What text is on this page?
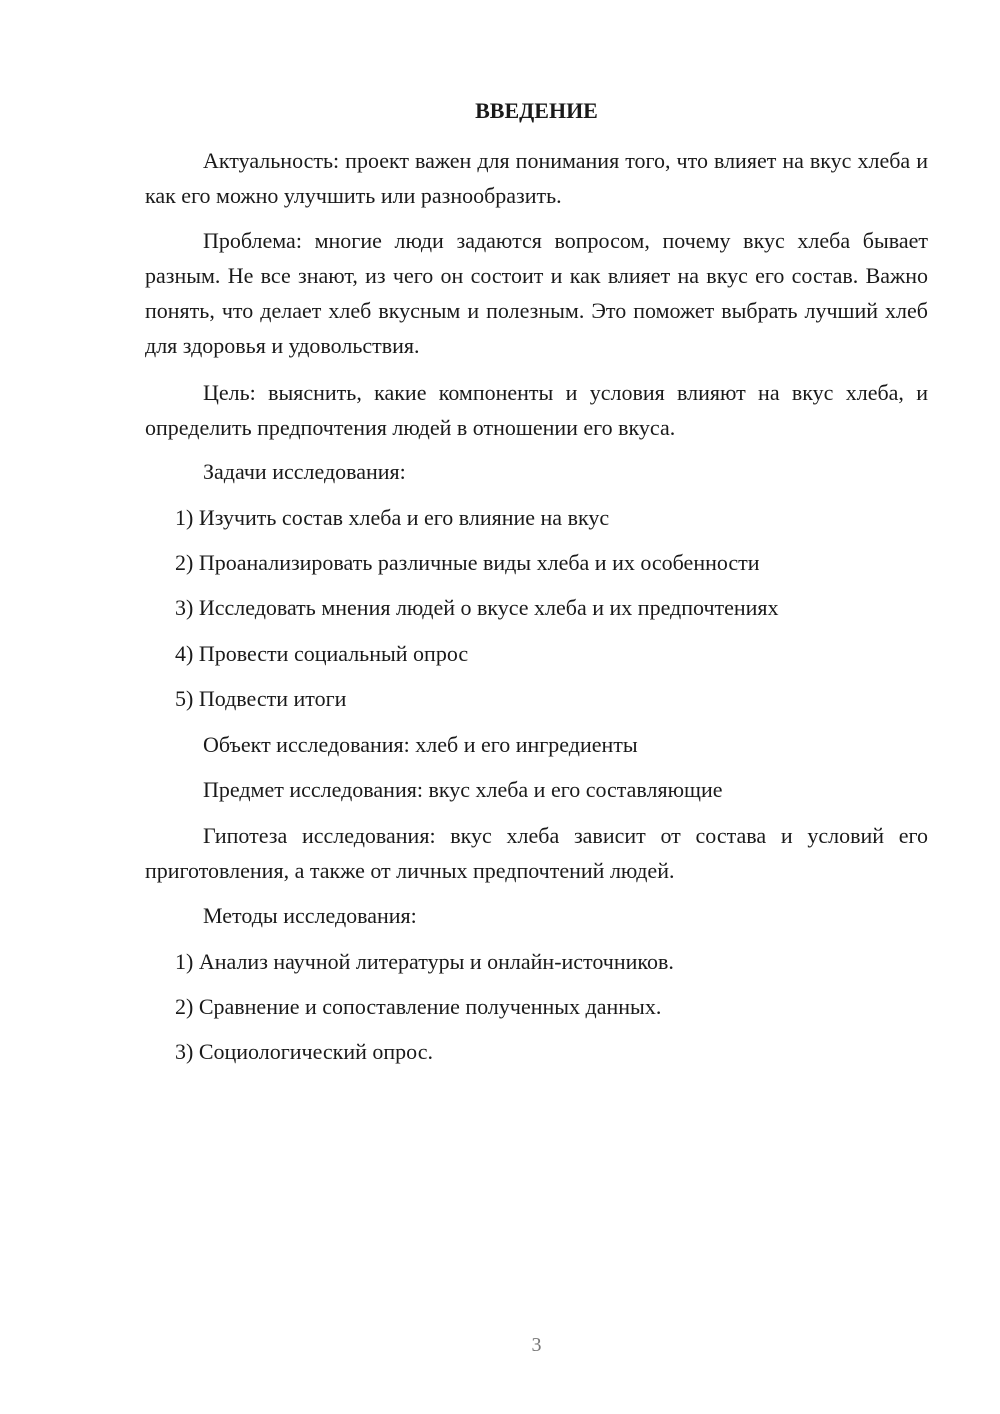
ВВЕДЕНИЕ

Актуальность: проект важен для понимания того, что влияет на вкус хлеба и как его можно улучшить или разнообразить.

Проблема: многие люди задаются вопросом, почему вкус хлеба бывает разным. Не все знают, из чего он состоит и как влияет на вкус его состав. Важно понять, что делает хлеб вкусным и полезным. Это поможет выбрать лучший хлеб для здоровья и удовольствия.

Цель: выяснить, какие компоненты и условия влияют на вкус хлеба, и определить предпочтения людей в отношении его вкуса.

Задачи исследования:
1) Изучить состав хлеба и его влияние на вкус
2) Проанализировать различные виды хлеба и их особенности
3) Исследовать мнения людей о вкусе хлеба и их предпочтениях
4) Провести социальный опрос
5) Подвести итоги
Объект исследования: хлеб и его ингредиенты
Предмет исследования: вкус хлеба и его составляющие

Гипотеза исследования: вкус хлеба зависит от состава и условий его приготовления, а также от личных предпочтений людей.

Методы исследования:
1) Анализ научной литературы и онлайн-источников.
2) Сравнение и сопоставление полученных данных.
3) Социологический опрос.
3
